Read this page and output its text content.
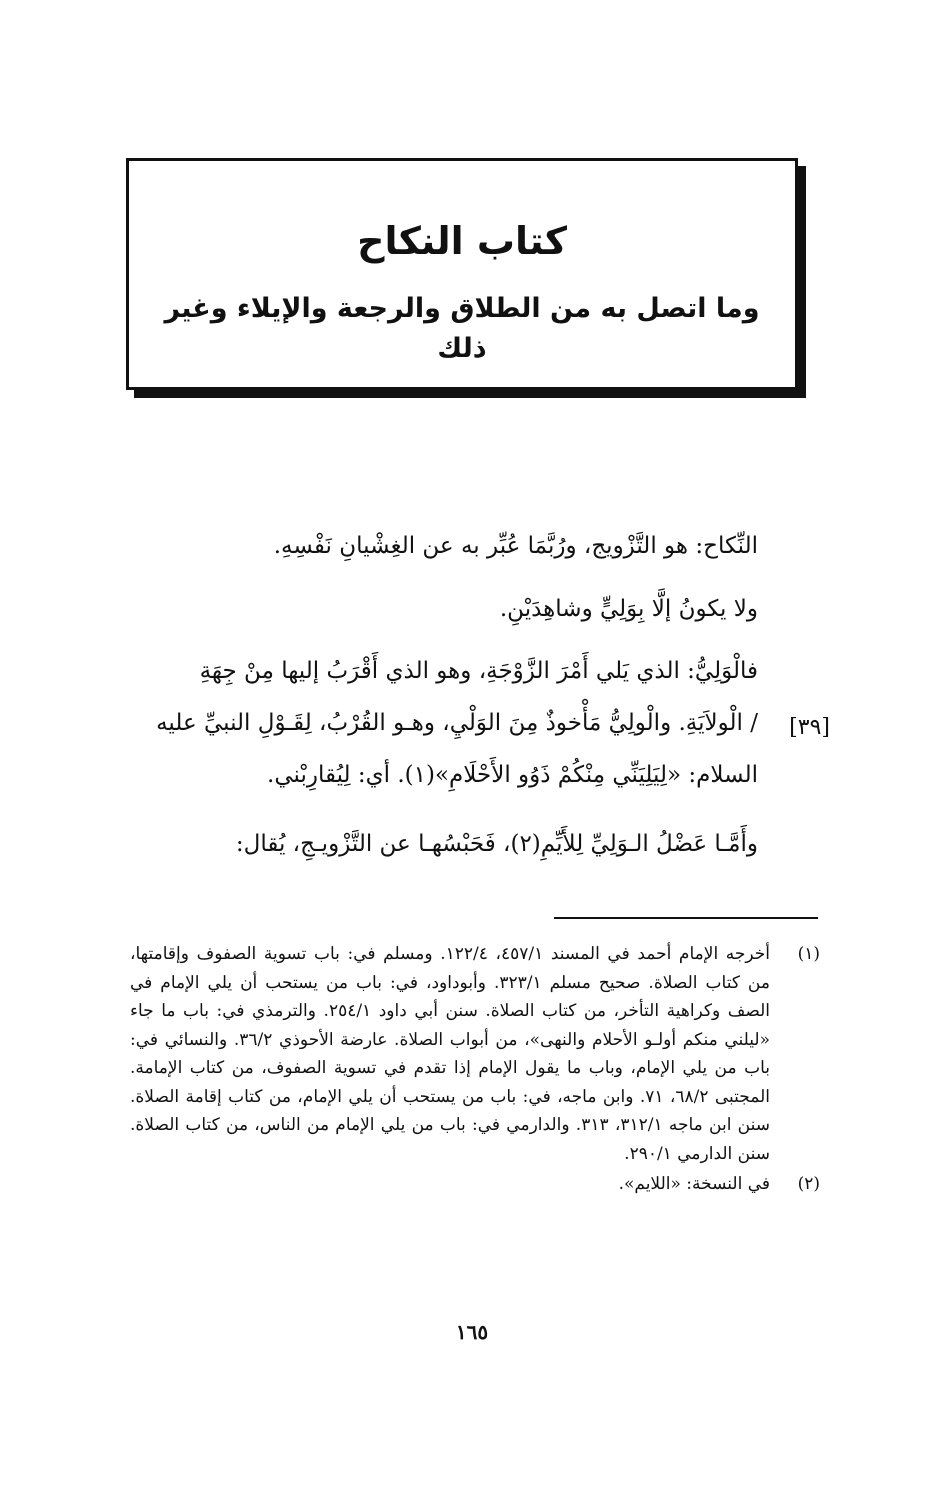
كتاب النكاح
وما اتصل به من الطلاق والرجعة والإيلاء وغير ذلك
النِّكاح: هو التَّزْويج، ورُبَّمَا عُبِّر به عن الغِشْيانِ نَفْسِهِ.
ولا يكونُ إلَّا بِوَلِيٍّ وشاهِدَيْنِ.
فالْوَلِيُّ: الذي يَلي أَمْرَ الزَّوْجَةِ، وهو الذي أَقْرَبُ إليها مِنْ جِهَةِ
/ الْولاَيَةِ. والْولِيُّ مَأْخوذٌ مِنَ الوَلْيِ، وهـو القُرْبُ، لِقَـوْلِ النبيِّ عليه
السلام: «لِيَلِيَنِّي مِنْكُمْ ذَوُو الأَحْلَامِ»(١). أي: لِيُقارِبْني.
[٣٩]
وأَمَّـا عَضْلُ الـوَلِيِّ لِلأَيِّمِ(٢)، فَحَبْسُهـا عن التَّزْويـجِ، يُقال:
(١)
أخرجه الإمام أحمد في المسند ٤٥٧/١، ١٢٢/٤. ومسلم في: باب تسوية الصفوف وإقامتها، من كتاب الصلاة. صحيح مسلم ٣٢٣/١. وأبوداود، في: باب من يستحب أن يلي الإمام في الصف وكراهية التأخر، من كتاب الصلاة. سنن أبي داود ٢٥٤/١. والترمذي في: باب ما جاء «ليلني منكم أولـو الأحلام والنهى»، من أبواب الصلاة. عارضة الأحوذي ٣٦/٢. والنسائي في: باب من يلي الإمام، وباب ما يقول الإمام إذا تقدم في تسوية الصفوف، من كتاب الإمامة. المجتبى ٦٨/٢، ٧١. وابن ماجه، في: باب من يستحب أن يلي الإمام، من كتاب إقامة الصلاة. سنن ابن ماجه ٣١٢/١، ٣١٣. والدارمي في: باب من يلي الإمام من الناس، من كتاب الصلاة. سنن الدارمي ٢٩٠/١.
(٢)
في النسخة: «اللايم».
١٦٥
